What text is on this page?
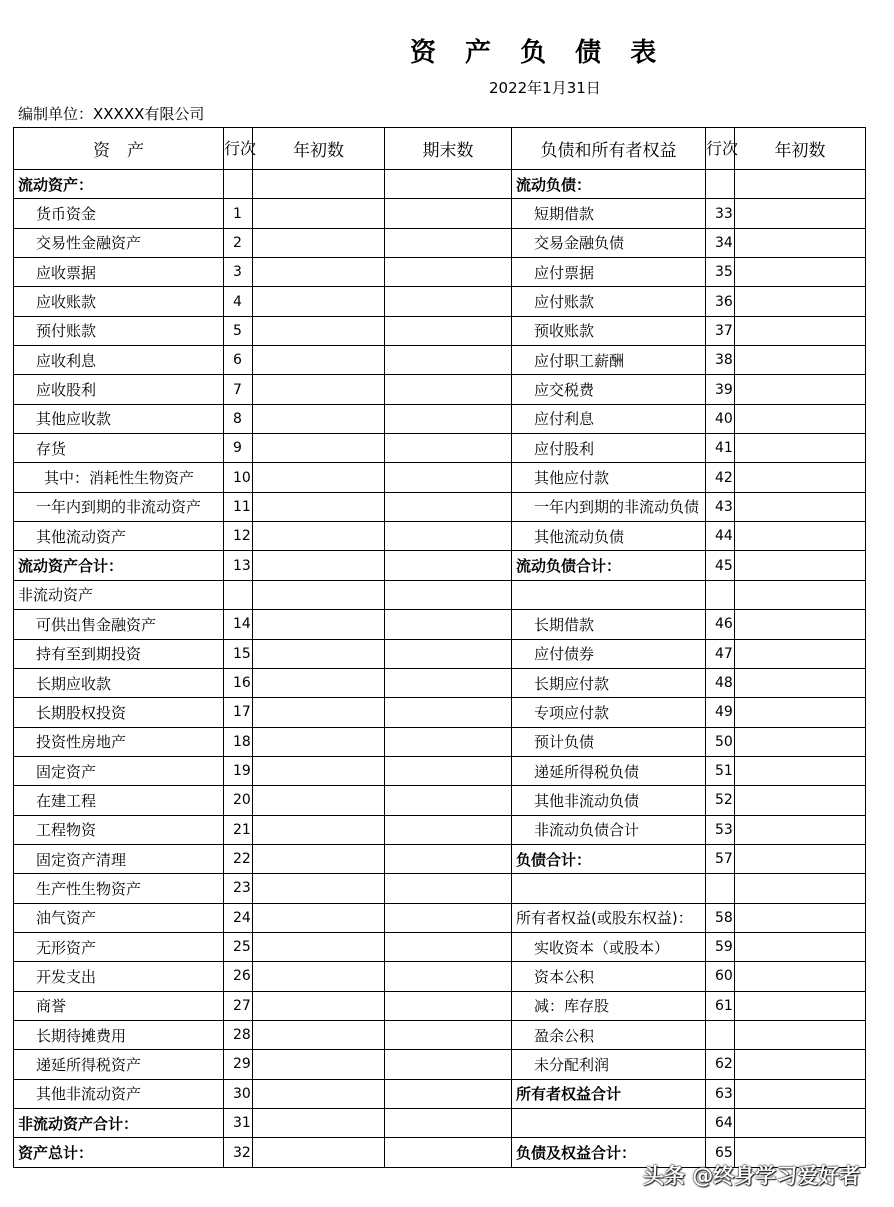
资 产 负 债 表
2022年1月31日
编制单位：XXXXX有限公司
资　产	行次	年初数	期末数	负债和所有者权益	行次	年初数
流动资产：				流动负债：		
货币资金	1			短期借款	33	
交易性金融资产	2			交易金融负债	34	
应收票据	3			应付票据	35	
应收账款	4			应付账款	36	
预付账款	5			预收账款	37	
应收利息	6			应付职工薪酬	38	
应收股利	7			应交税费	39	
其他应收款	8			应付利息	40	
存货	9			应付股利	41	
其中：消耗性生物资产	10			其他应付款	42	
一年内到期的非流动资产	11			一年内到期的非流动负债	43	
其他流动资产	12			其他流动负债	44	
流动资产合计：	13			流动负债合计：	45	
非流动资产						
可供出售金融资产	14			长期借款	46	
持有至到期投资	15			应付债券	47	
长期应收款	16			长期应付款	48	
长期股权投资	17			专项应付款	49	
投资性房地产	18			预计负债	50	
固定资产	19			递延所得税负债	51	
在建工程	20			其他非流动负债	52	
工程物资	21			非流动负债合计	53	
固定资产清理	22			负债合计：	57	
生产性生物资产	23					
油气资产	24			所有者权益(或股东权益)：	58	
无形资产	25			实收资本（或股本）	59	
开发支出	26			资本公积	60	
商誉	27			减：库存股	61	
长期待摊费用	28			盈余公积		
递延所得税资产	29			未分配利润	62	
其他非流动资产	30			所有者权益合计	63	
非流动资产合计：	31				64	
资产总计：	32			负债及权益合计：	65	
头条 @终身学习爱好者
